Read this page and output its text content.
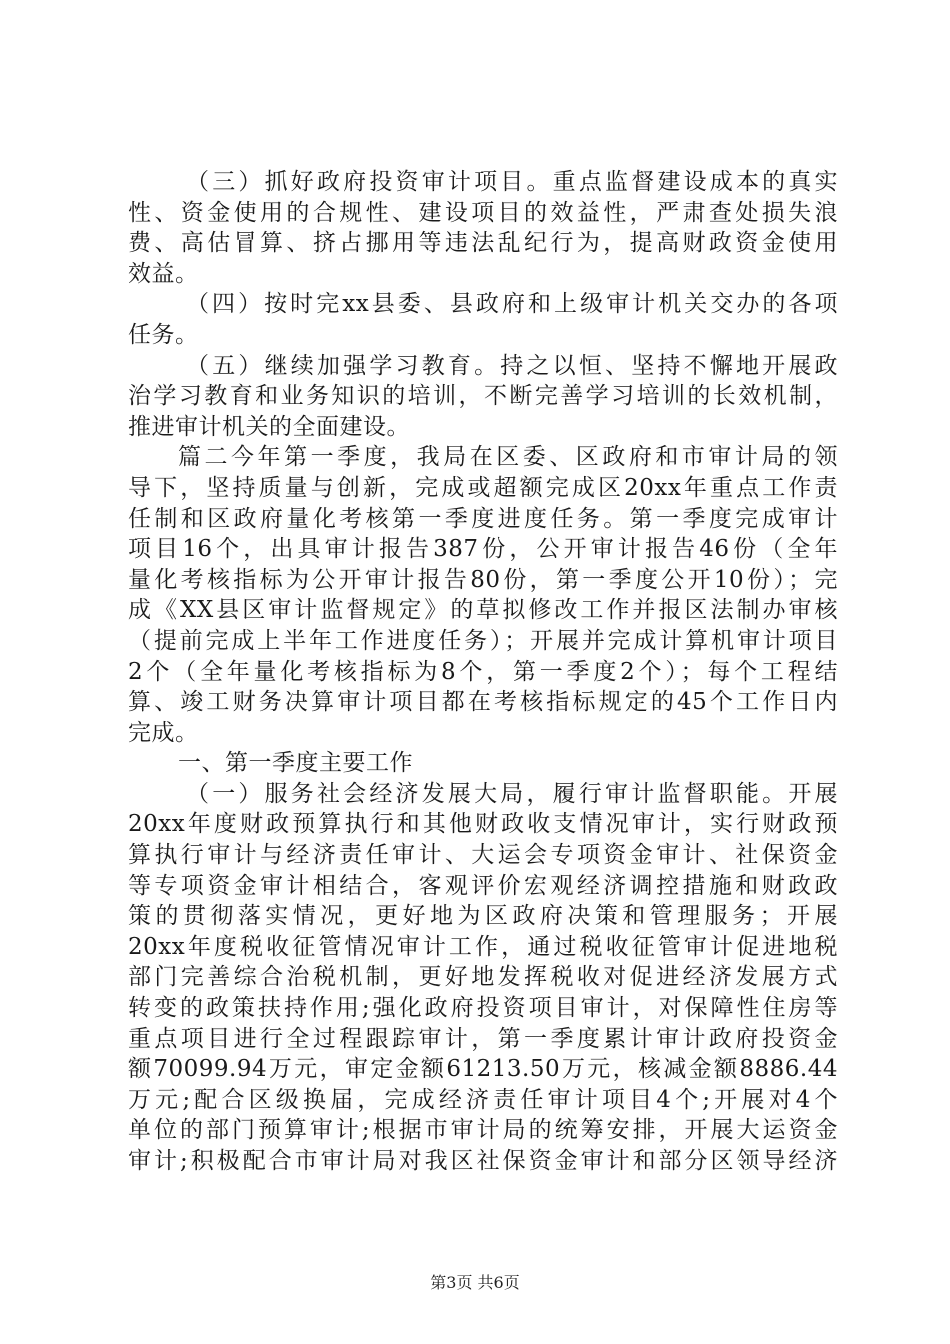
（三）抓好政府投资审计项目。重点监督建设成本的真实
性、资金使用的合规性、建设项目的效益性，严肃查处损失浪
费、高估冒算、挤占挪用等违法乱纪行为，提高财政资金使用
效益。
（四）按时完xx县委、县政府和上级审计机关交办的各项
任务。
（五）继续加强学习教育。持之以恒、坚持不懈地开展政
治学习教育和业务知识的培训，不断完善学习培训的长效机制，
推进审计机关的全面建设。
篇二今年第一季度，我局在区委、区政府和市审计局的领
导下，坚持质量与创新，完成或超额完成区20xx年重点工作责
任制和区政府量化考核第一季度进度任务。第一季度完成审计
项目16个，出具审计报告387份，公开审计报告46份（全年
量化考核指标为公开审计报告80份，第一季度公开10份）；完
成《XX县区审计监督规定》的草拟修改工作并报区法制办审核
（提前完成上半年工作进度任务）；开展并完成计算机审计项目
2个（全年量化考核指标为8个，第一季度2个）；每个工程结
算、竣工财务决算审计项目都在考核指标规定的45个工作日内
完成。
一、第一季度主要工作
（一）服务社会经济发展大局，履行审计监督职能。开展
20xx年度财政预算执行和其他财政收支情况审计，实行财政预
算执行审计与经济责任审计、大运会专项资金审计、社保资金
等专项资金审计相结合，客观评价宏观经济调控措施和财政政
策的贯彻落实情况，更好地为区政府决策和管理服务；开展
20xx年度税收征管情况审计工作，通过税收征管审计促进地税
部门完善综合治税机制，更好地发挥税收对促进经济发展方式
转变的政策扶持作用;强化政府投资项目审计，对保障性住房等
重点项目进行全过程跟踪审计，第一季度累计审计政府投资金
额70099.94万元，审定金额61213.50万元，核减金额8886.44
万元;配合区级换届，完成经济责任审计项目4个;开展对4个
单位的部门预算审计;根据市审计局的统筹安排，开展大运资金
审计;积极配合市审计局对我区社保资金审计和部分区领导经济
第3页 共6页
